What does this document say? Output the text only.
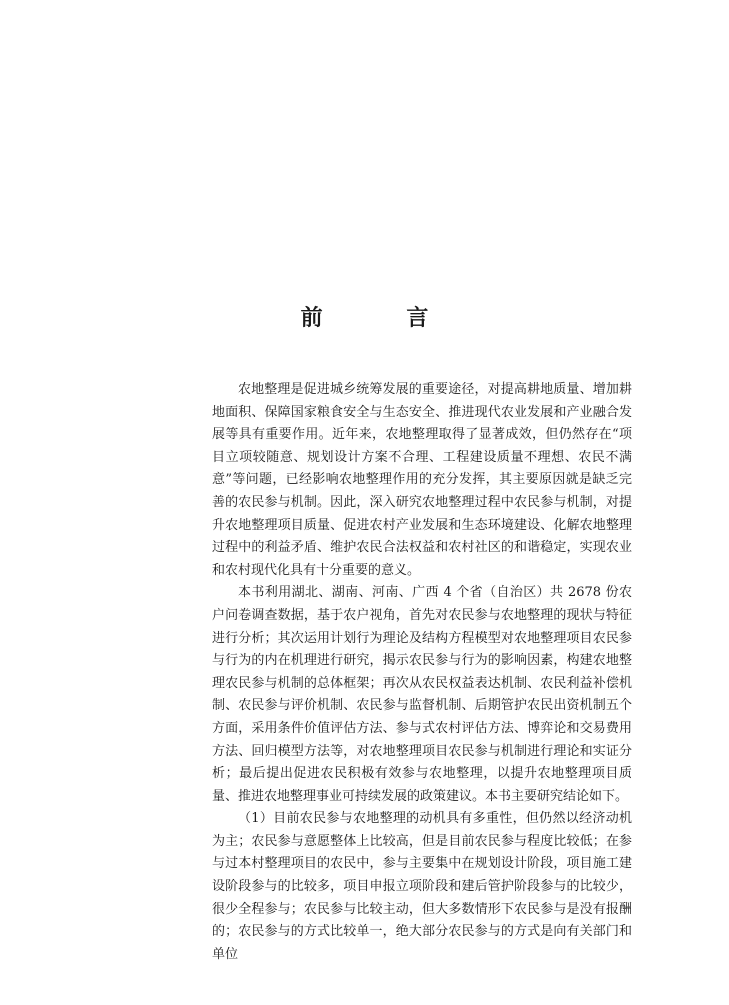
前 言

农地整理是促进城乡统筹发展的重要途径，对提高耕地质量、增加耕地面积、保障国家粮食安全与生态安全、推进现代农业发展和产业融合发展等具有重要作用。近年来，农地整理取得了显著成效，但仍然存在“项目立项较随意、规划设计方案不合理、工程建设质量不理想、农民不满意”等问题，已经影响农地整理作用的充分发挥，其主要原因就是缺乏完善的农民参与机制。因此，深入研究农地整理过程中农民参与机制，对提升农地整理项目质量、促进农村产业发展和生态环境建设、化解农地整理过程中的利益矛盾、维护农民合法权益和农村社区的和谐稳定，实现农业和农村现代化具有十分重要的意义。

本书利用湖北、湖南、河南、广西 4 个省（自治区）共 2678 份农户问卷调查数据，基于农户视角，首先对农民参与农地整理的现状与特征进行分析；其次运用计划行为理论及结构方程模型对农地整理项目农民参与行为的内在机理进行研究，揭示农民参与行为的影响因素，构建农地整理农民参与机制的总体框架；再次从农民权益表达机制、农民利益补偿机制、农民参与评价机制、农民参与监督机制、后期管护农民出资机制五个方面，采用条件价值评估方法、参与式农村评估方法、博弈论和交易费用方法、回归模型方法等，对农地整理项目农民参与机制进行理论和实证分析；最后提出促进农民积极有效参与农地整理，以提升农地整理项目质量、推进农地整理事业可持续发展的政策建议。本书主要研究结论如下。

（1）目前农民参与农地整理的动机具有多重性，但仍然以经济动机为主；农民参与意愿整体上比较高，但是目前农民参与程度比较低；在参与过本村整理项目的农民中，参与主要集中在规划设计阶段，项目施工建设阶段参与的比较多，项目申报立项阶段和建后管护阶段参与的比较少，很少全程参与；农民参与比较主动，但大多数情形下农民参与是没有报酬的；农民参与的方式比较单一，绝大部分农民参与的方式是向有关部门和单位
